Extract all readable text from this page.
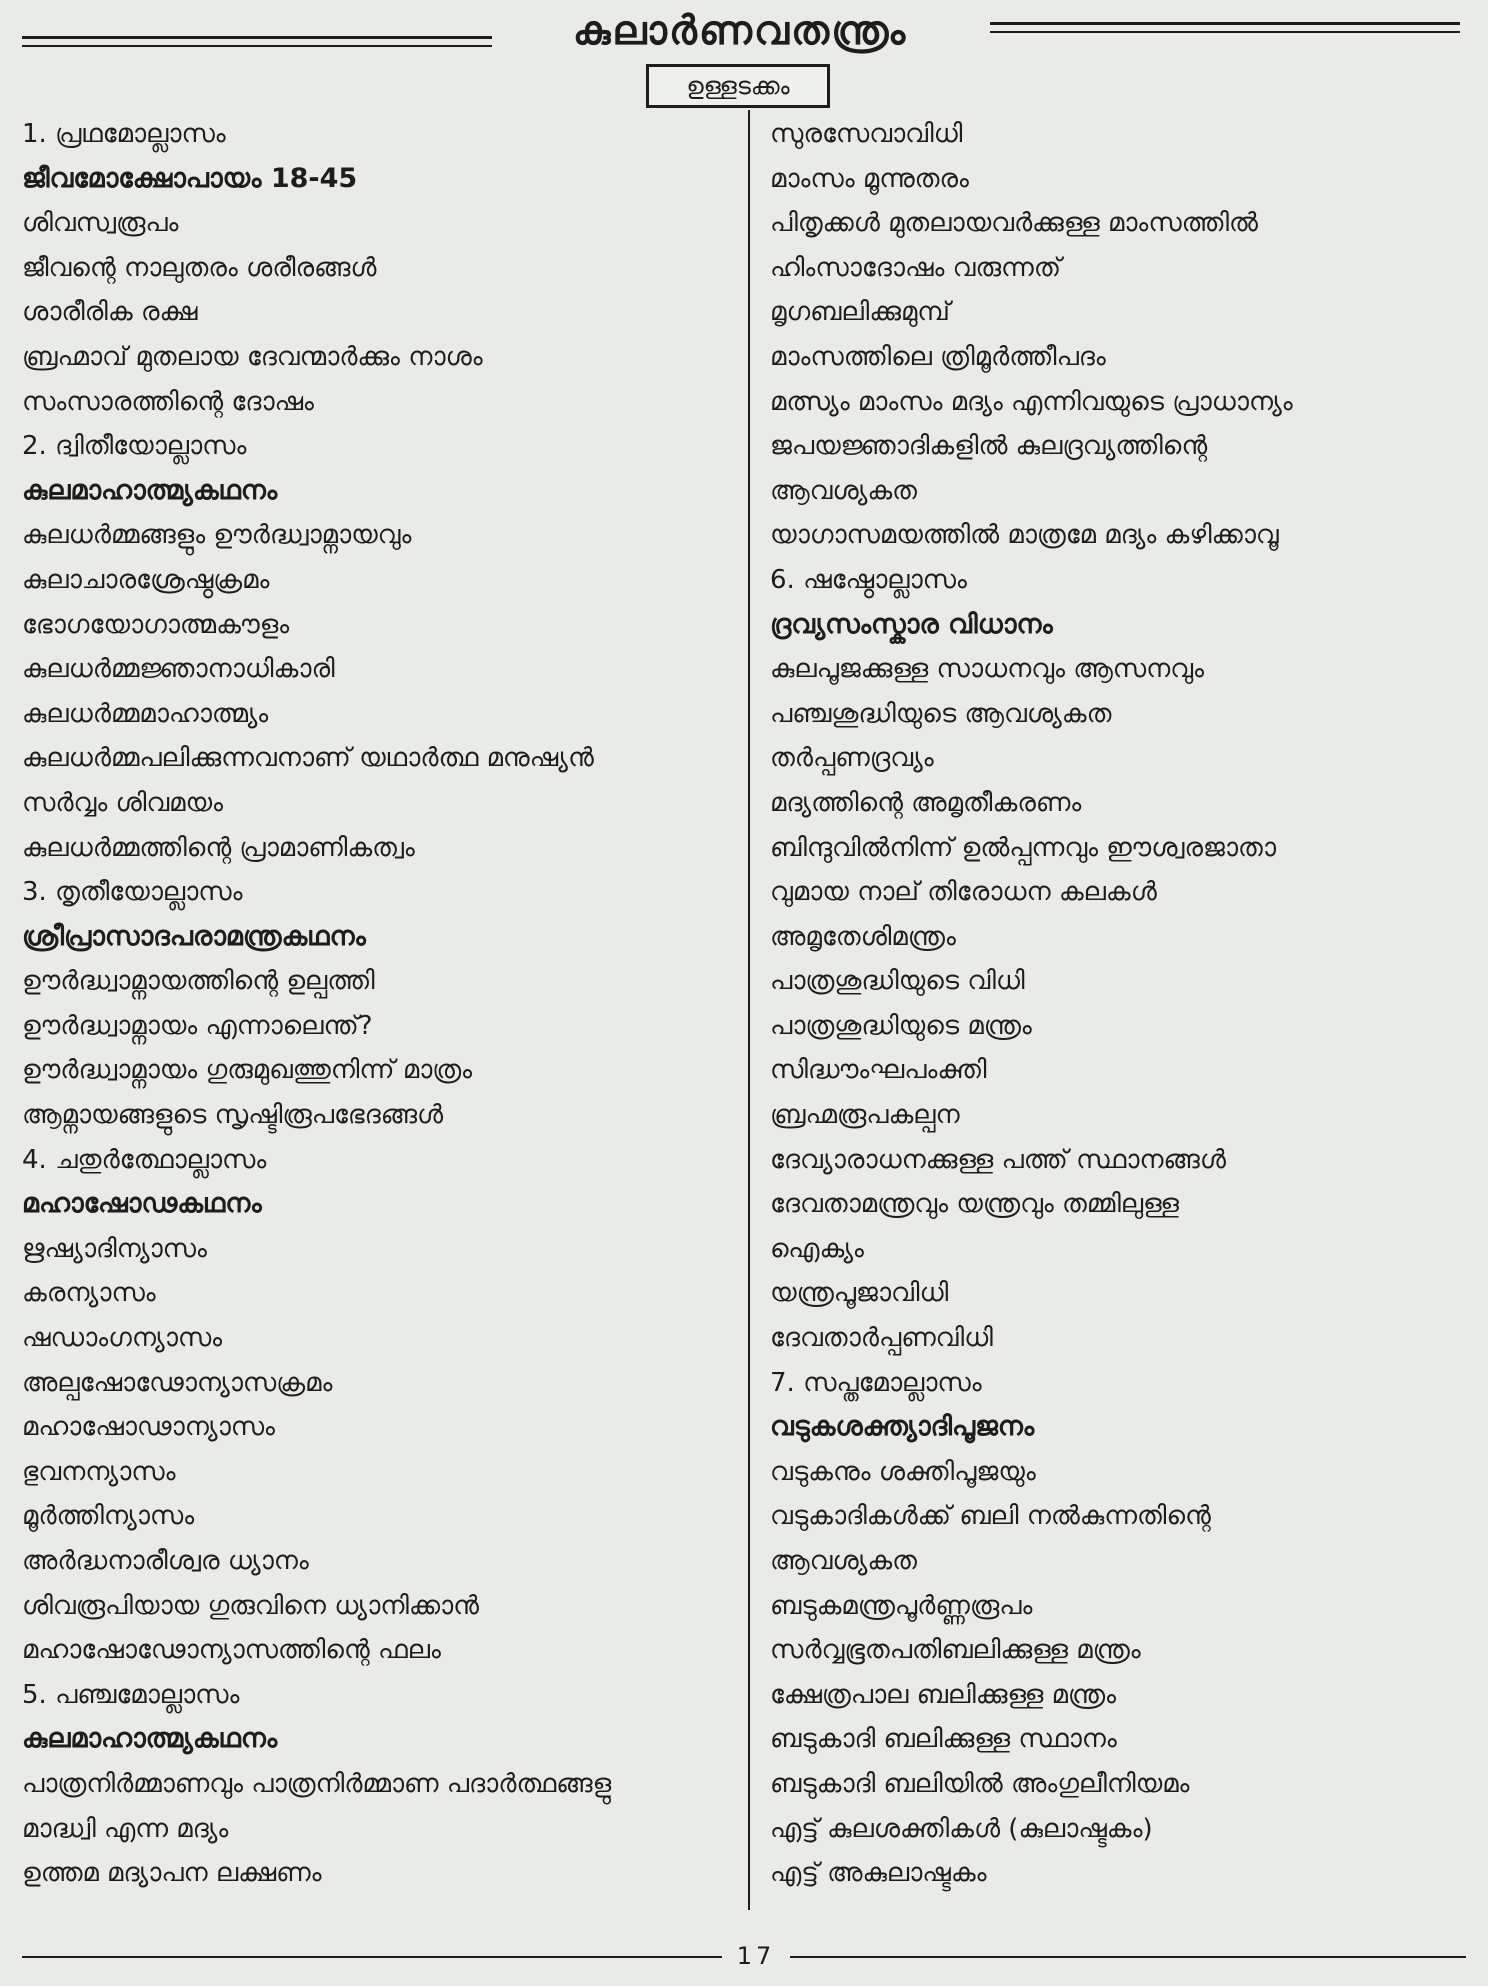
കുലാർണവതന്ത്രം
ഉള്ളടക്കം
1. പ്രഥമോല്ലാസം
ജീവമോക്ഷോപായം 18-45
ശിവസ്വരൂപം
ജീവന്റെ നാലുതരം ശരീരങ്ങൾ
ശാരീരിക രക്ഷ
ബ്രഹ്മാവ് മുതലായ ദേവന്മാർക്കും നാശം
സംസാരത്തിന്റെ ദോഷം
2. ദ്വിതീയോല്ലാസം
കുലമാഹാത്മ്യകഥനം
കുലധർമ്മങ്ങളും ഊർദ്ധ്വാമ്നായവും
കുലാചാരശ്രേഷ്ഠക്രമം
ഭോഗയോഗാത്മകൗളം
കുലധർമ്മജ്ഞാനാധികാരി
കുലധർമ്മമാഹാത്മ്യം
കുലധർമ്മപലിക്കുന്നവനാണ് യഥാർത്ഥ മനുഷ്യൻ
സർവ്വം ശിവമയം
കുലധർമ്മത്തിന്റെ പ്രാമാണികത്വം
3. തൃതീയോല്ലാസം
ശ്രീപ്രാസാദപരാമന്ത്രകഥനം
ഊർദ്ധ്വാമ്നായത്തിന്റെ ഉല്പത്തി
ഊർദ്ധ്വാമ്നായം എന്നാലെന്ത്?
ഊർദ്ധ്വാമ്നായം ഗുരുമുഖത്തുനിന്ന് മാത്രം
ആമ്നായങ്ങളുടെ സൃഷ്ടിരൂപഭേദങ്ങൾ
4. ചതുർത്ഥോല്ലാസം
മഹാഷോഢകഥനം
ഋഷ്യാദിന്യാസം
കരന്യാസം
ഷഡാംഗന്യാസം
അല്പഷോഢോന്യാസക്രമം
മഹാഷോഢാന്യാസം
ഭുവനന്യാസം
മൂർത്തിന്യാസം
അർദ്ധനാരീശ്വര ധ്യാനം
ശിവരൂപിയായ ഗുരുവിനെ ധ്യാനിക്കാൻ
മഹാഷോഢോന്യാസത്തിന്റെ ഫലം
5. പഞ്ചമോല്ലാസം
കുലമാഹാത്മ്യകഥനം
പാത്രനിർമ്മാണവും പാത്രനിർമ്മാണ പദാർത്ഥങ്ങളു
മാദ്ധ്വി എന്ന മദ്യം
ഉത്തമ മദ്യാപന ലക്ഷണം
സുരസേവാവിധി
മാംസം മൂന്നുതരം
പിതൃക്കൾ മുതലായവർക്കുള്ള മാംസത്തിൽ
ഹിംസാദോഷം വരുന്നത്
മൃഗബലിക്കുമുമ്പ്
മാംസത്തിലെ ത്രിമൂർത്തീപദം
മത്സ്യം മാംസം മദ്യം എന്നിവയുടെ പ്രാധാന്യം
ജപയജ്ഞാദികളിൽ കുലദ്രവ്യത്തിന്റെ
ആവശ്യകത
യാഗാസമയത്തിൽ മാത്രമേ മദ്യം കഴിക്കാവൂ
6. ഷഷ്ഠോല്ലാസം
ദ്രവ്യസംസ്കാര വിധാനം
കുലപൂജക്കുള്ള സാധനവും ആസനവും
പഞ്ചശുദ്ധിയുടെ ആവശ്യകത
തർപ്പണദ്രവ്യം
മദ്യത്തിന്റെ അമൃതീകരണം
ബിന്ദുവിൽനിന്ന് ഉൽപ്പന്നവും ഈശ്വരജാതാ
വുമായ നാല് തിരോധന കലകൾ
അമൃതേശിമന്ത്രം
പാത്രശുദ്ധിയുടെ വിധി
പാത്രശുദ്ധിയുടെ മന്ത്രം
സിദ്ധൗംഘപംക്തി
ബ്രഹ്മരൂപകല്പന
ദേവ്യാരാധനക്കുള്ള പത്ത് സ്ഥാനങ്ങൾ
ദേവതാമന്ത്രവും യന്ത്രവും തമ്മിലുള്ള
ഐക്യം
യന്ത്രപൂജാവിധി
ദേവതാർപ്പണവിധി
7. സപ്തമോല്ലാസം
വടുകശക്ത്യാദിപൂജനം
വടുകനും ശക്തിപൂജയും
വടുകാദികൾക്ക് ബലി നൽകുന്നതിന്റെ
ആവശ്യകത
ബടുകമന്ത്രപൂർണ്ണരൂപം
സർവ്വഭൂതപതിബലിക്കുള്ള മന്ത്രം
ക്ഷേത്രപാല ബലിക്കുള്ള മന്ത്രം
ബടുകാദി ബലിക്കുള്ള സ്ഥാനം
ബടുകാദി ബലിയിൽ അംഗുലീനിയമം
എട്ട് കുലശക്തികൾ (കുലാഷ്ടകം)
എട്ട് അകുലാഷ്ടകം
17
